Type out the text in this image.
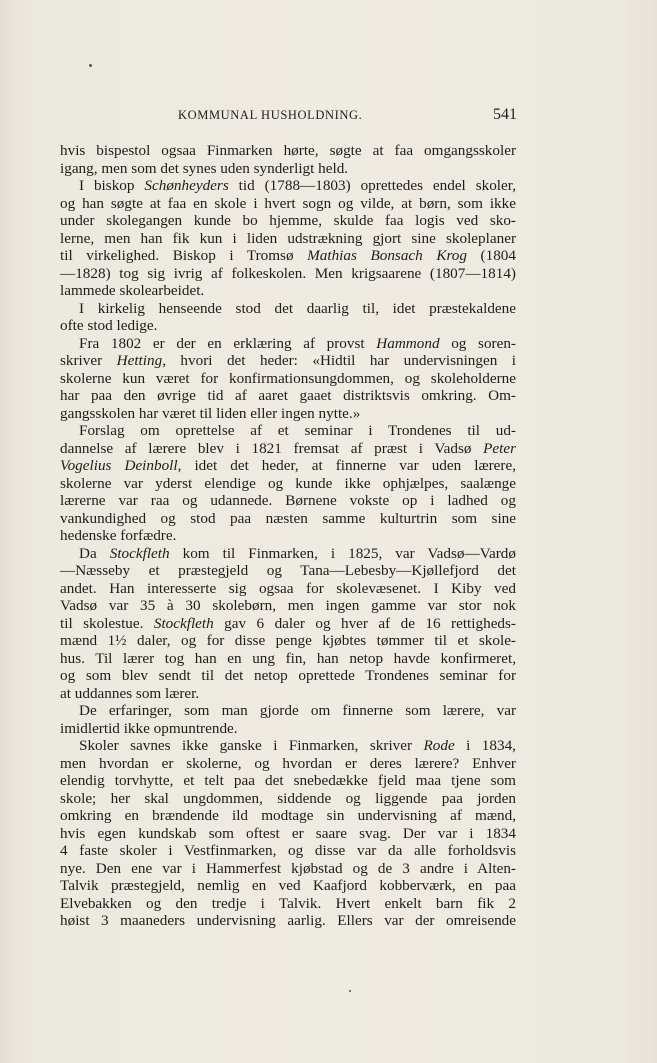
KOMMUNAL HUSHOLDNING.	541
hvis bispestol ogsaa Finmarken hørte, søgte at faa omgangsskoler
igang, men som det synes uden synderligt held.
I biskop Schønheyders tid (1788—1803) oprettedes endel skoler,
og han søgte at faa en skole i hvert sogn og vilde, at børn, som ikke
under skolegangen kunde bo hjemme, skulde faa logis ved sko-
lerne, men han fik kun i liden udstrækning gjort sine skoleplaner
til virkelighed. Biskop i Tromsø Mathias Bonsach Krog (1804
—1828) tog sig ivrig af folkeskolen. Men krigsaarene (1807—1814)
lammede skolearbeidet.
I kirkelig henseende stod det daarlig til, idet præstekaldene
ofte stod ledige.
Fra 1802 er der en erklæring af provst Hammond og soren-
skriver Hetting, hvori det heder: «Hidtil har undervisningen i
skolerne kun været for konfirmationsungdommen, og skoleholderne
har paa den øvrige tid af aaret gaaet distriktsvis omkring. Om-
gangsskolen har været til liden eller ingen nytte.»
Forslag om oprettelse af et seminar i Trondenes til ud-
dannelse af lærere blev i 1821 fremsat af præst i Vadsø Peter
Vogelius Deinboll, idet det heder, at finnerne var uden lærere,
skolerne var yderst elendige og kunde ikke ophjælpes, saalænge
lærerne var raa og udannede. Børnene vokste op i ladhed og
vankundighed og stod paa næsten samme kulturtrin som sine
hedenske forfædre.
Da Stockfleth kom til Finmarken, i 1825, var Vadsø—Vardø
—Næsseby et præstegjeld og Tana—Lebesby—Kjøllefjord det
andet. Han interesserte sig ogsaa for skolevæsenet. I Kiby ved
Vadsø var 35 à 30 skolebørn, men ingen gamme var stor nok
til skolestue. Stockfleth gav 6 daler og hver af de 16 rettigheds-
mænd 1½ daler, og for disse penge kjøbtes tømmer til et skole-
hus. Til lærer tog han en ung fin, han netop havde konfirmeret,
og som blev sendt til det netop oprettede Trondenes seminar for
at uddannes som lærer.
De erfaringer, som man gjorde om finnerne som lærere, var
imidlertid ikke opmuntrende.
Skoler savnes ikke ganske i Finmarken, skriver Rode i 1834,
men hvordan er skolerne, og hvordan er deres lærere? Enhver
elendig torvhytte, et telt paa det snebedække fjeld maa tjene som
skole; her skal ungdommen, siddende og liggende paa jorden
omkring en brændende ild modtage sin undervisning af mænd,
hvis egen kundskab som oftest er saare svag. Der var i 1834
4 faste skoler i Vestfinmarken, og disse var da alle forholdsvis
nye. Den ene var i Hammerfest kjøbstad og de 3 andre i Alten-
Talvik præstegjeld, nemlig en ved Kaafjord kobberværk, en paa
Elvebakken og den tredje i Talvik. Hvert enkelt barn fik 2
høist 3 maaneders undervisning aarlig. Ellers var der omreisende
